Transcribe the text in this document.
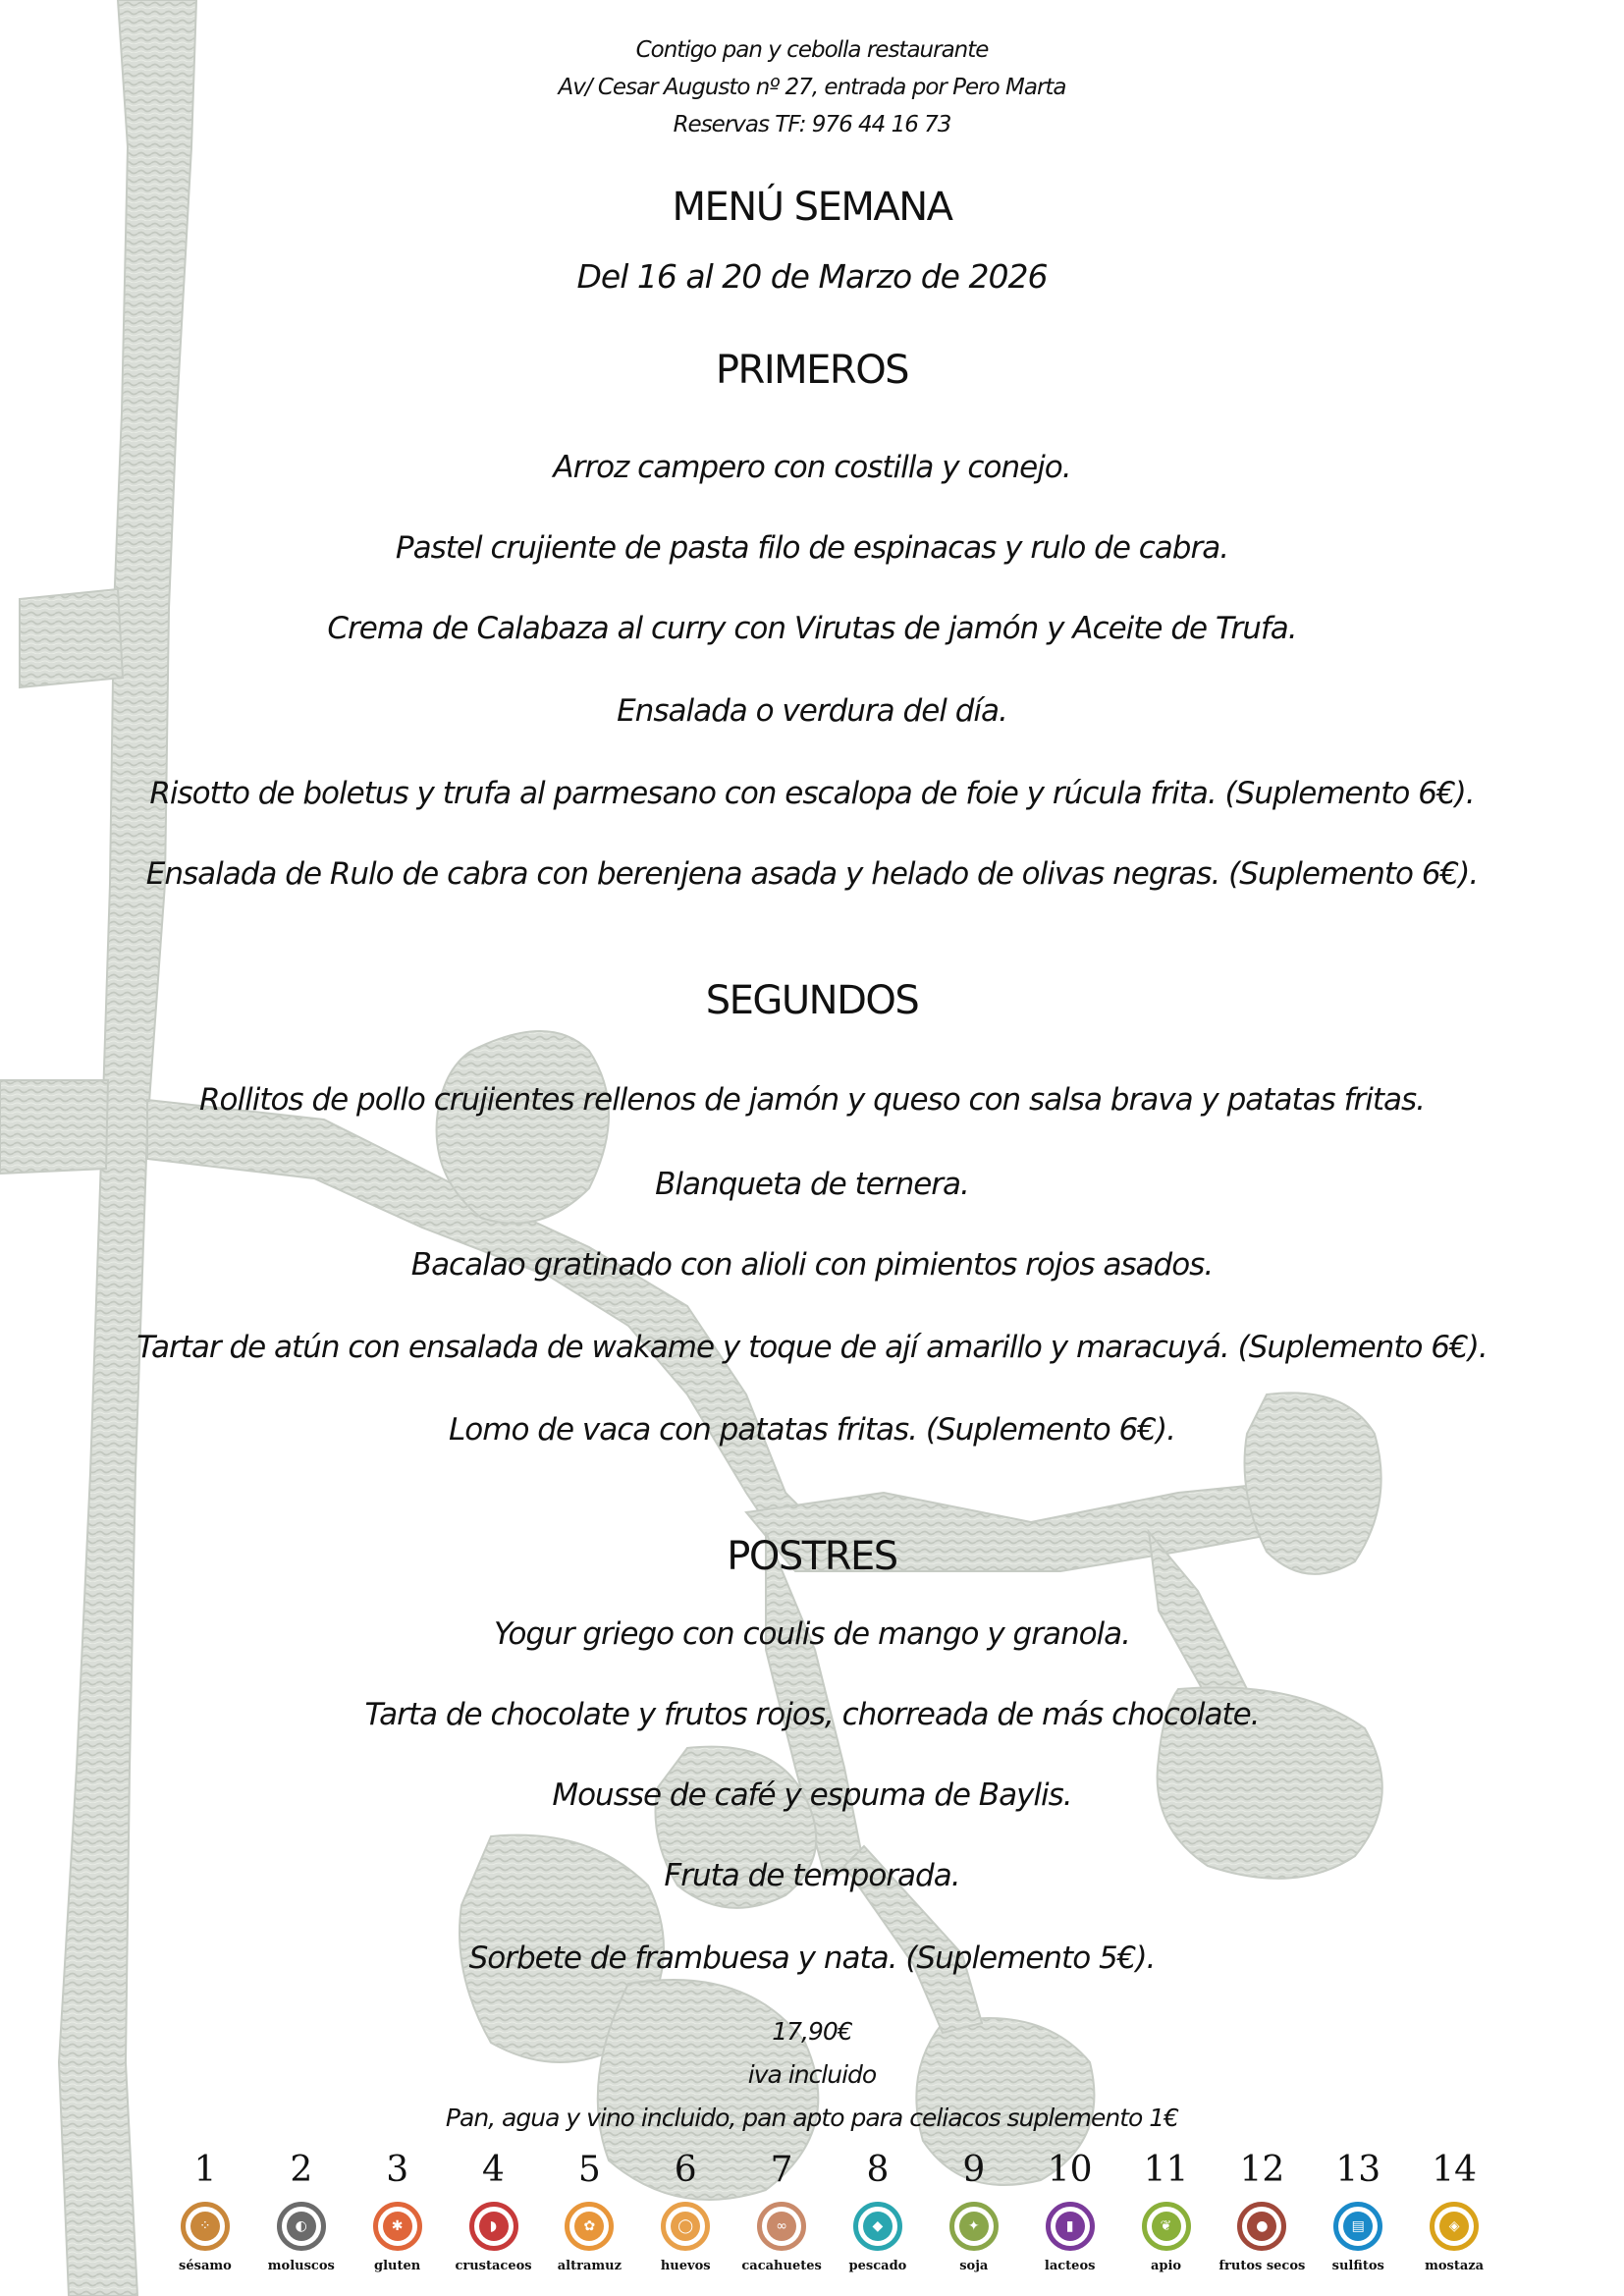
Contigo pan y cebolla restaurante
Av/ Cesar Augusto nº 27, entrada por Pero Marta
Reservas TF: 976 44 16 73
MENÚ SEMANA
Del 16 al 20 de Marzo de 2026
PRIMEROS
Arroz campero con costilla y conejo.
Pastel crujiente de pasta filo de espinacas y rulo de cabra.
Crema de Calabaza al curry con Virutas de jamón y Aceite de Trufa.
Ensalada o verdura del día.
Risotto de boletus y trufa al parmesano con escalopa de foie y rúcula frita. (Suplemento 6€).
Ensalada de Rulo de cabra con berenjena asada y helado de olivas negras. (Suplemento 6€).
SEGUNDOS
Rollitos de pollo crujientes rellenos de jamón y queso con salsa brava y patatas fritas.
Blanqueta de ternera.
Bacalao gratinado con alioli con pimientos rojos asados.
Tartar de atún con ensalada de wakame y toque de ají amarillo y maracuyá. (Suplemento 6€).
Lomo de vaca con patatas fritas. (Suplemento 6€).
POSTRES
Yogur griego con coulis de mango y granola.
Tarta de chocolate y frutos rojos, chorreada de más chocolate.
Mousse de café y espuma de Baylis.
Fruta de temporada.
Sorbete de frambuesa y nata. (Suplemento 5€).
17,90€
iva incluido
Pan, agua y vino incluido, pan apto para celiacos suplemento 1€
1
⁘
sésamo
2
◐
moluscos
3
✱
gluten
4
◗
crustaceos
5
✿
altramuz
6
◯
huevos
7
∞
cacahuetes
8
◆
pescado
9
✦
soja
10
▮
lacteos
11
❦
apio
12
●
frutos secos
13
▤
sulfitos
14
◈
mostaza
